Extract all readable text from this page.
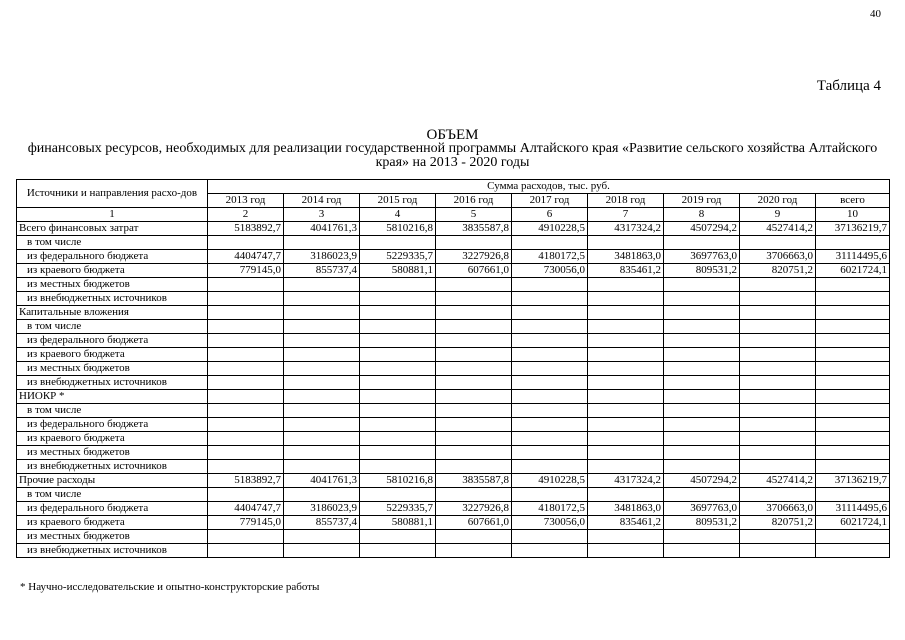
40
Таблица 4
ОБЪЕМ
финансовых ресурсов, необходимых для реализации государственной программы Алтайского края «Развитие сельского хозяйства Алтайского края» на 2013 - 2020 годы
Источники и направления расхо-дов	Сумма расходов, тыс. руб.								
	2013 год	2014 год	2015 год	2016 год	2017 год	2018 год	2019 год	2020 год	всего
1	2	3	4	5	6	7	8	9	10
Всего финансовых затрат	5183892,7	4041761,3	5810216,8	3835587,8	4910228,5	4317324,2	4507294,2	4527414,2	37136219,7
в том числе									
из федерального бюджета	4404747,7	3186023,9	5229335,7	3227926,8	4180172,5	3481863,0	3697763,0	3706663,0	31114495,6
из краевого бюджета	779145,0	855737,4	580881,1	607661,0	730056,0	835461,2	809531,2	820751,2	6021724,1
из местных бюджетов									
из внебюджетных источников									
Капитальные вложения									
в том числе									
из федерального бюджета									
из краевого бюджета									
из местных бюджетов									
из внебюджетных источников									
НИОКР *									
в том числе									
из федерального бюджета									
из краевого бюджета									
из местных бюджетов									
из внебюджетных источников									
Прочие расходы	5183892,7	4041761,3	5810216,8	3835587,8	4910228,5	4317324,2	4507294,2	4527414,2	37136219,7
в том числе									
из федерального бюджета	4404747,7	3186023,9	5229335,7	3227926,8	4180172,5	3481863,0	3697763,0	3706663,0	31114495,6
из краевого бюджета	779145,0	855737,4	580881,1	607661,0	730056,0	835461,2	809531,2	820751,2	6021724,1
из местных бюджетов									
из внебюджетных источников									
* Научно-исследовательские и опытно-конструкторские работы
